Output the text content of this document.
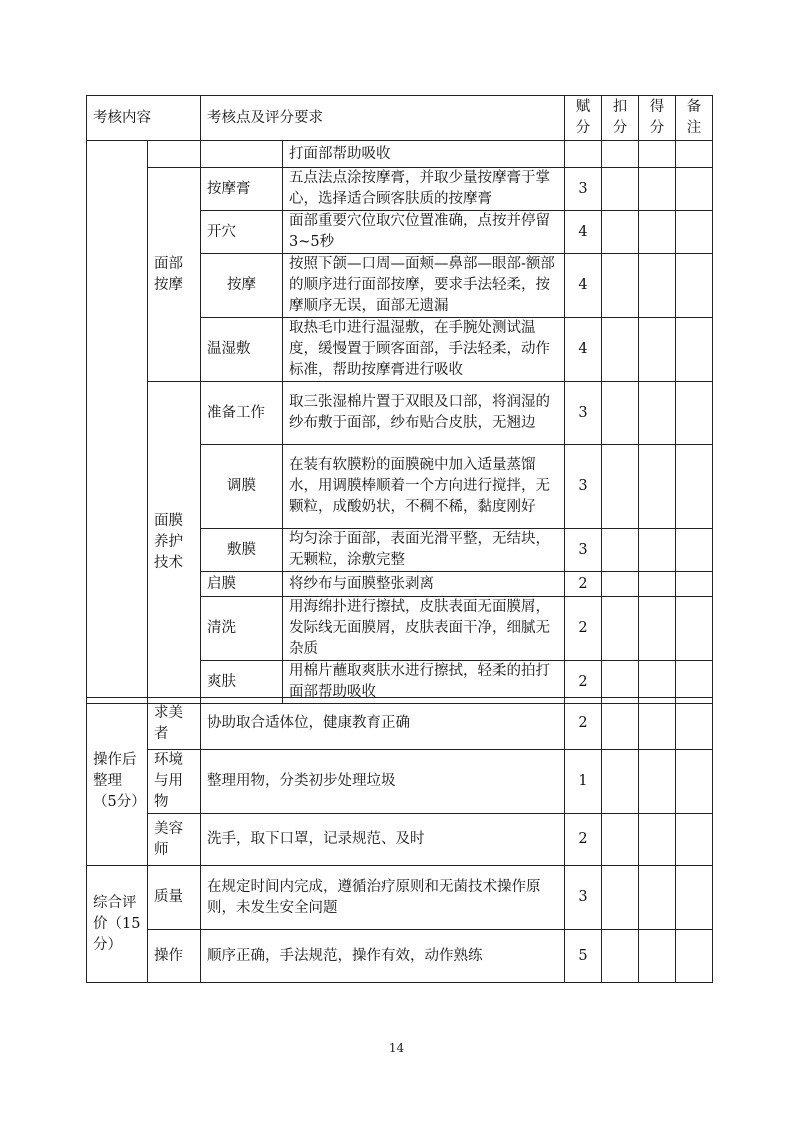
考核内容		考核点及评分要求		赋分	扣分	得分	备注
			打面部帮助吸收				
	面部按摩	按摩膏	五点法点涂按摩膏，并取少量按摩膏于掌心，选择适合顾客肤质的按摩膏	3			
		开穴	面部重要穴位取穴位置准确，点按并停留3~5秒	4			
		按摩	按照下颌—口周—面颊—鼻部—眼部-额部的顺序进行面部按摩，要求手法轻柔，按摩顺序无误，面部无遗漏	4			
		温湿敷	取热毛巾进行温湿敷，在手腕处测试温度，缓慢置于顾客面部，手法轻柔，动作标准，帮助按摩膏进行吸收	4			
	面膜养护技术	准备工作	取三张湿棉片置于双眼及口部，将润湿的纱布敷于面部，纱布贴合皮肤，无翘边	3			
		调膜	在装有软膜粉的面膜碗中加入适量蒸馏水，用调膜棒顺着一个方向进行搅拌，无颗粒，成酸奶状，不稠不稀，黏度刚好	3			
		敷膜	均匀涂于面部，表面光滑平整，无结块，无颗粒，涂敷完整	3			
		启膜	将纱布与面膜整张剥离	2			
		清洗	用海绵扑进行擦拭，皮肤表面无面膜屑，发际线无面膜屑，皮肤表面干净，细腻无杂质	2			
		爽肤	用棉片蘸取爽肤水进行擦拭，轻柔的拍打面部帮助吸收	2			
操作后整理（5分）	求美者	协助取合适体位，健康教育正确	2			
	环境与用物	整理用物，分类初步处理垃圾	1			
	美容师	洗手，取下口罩，记录规范、及时	2			
综合评价（15分）	质量	在规定时间内完成，遵循治疗原则和无菌技术操作原则，未发生安全问题	3			
	操作	顺序正确，手法规范，操作有效，动作熟练	5			
14
